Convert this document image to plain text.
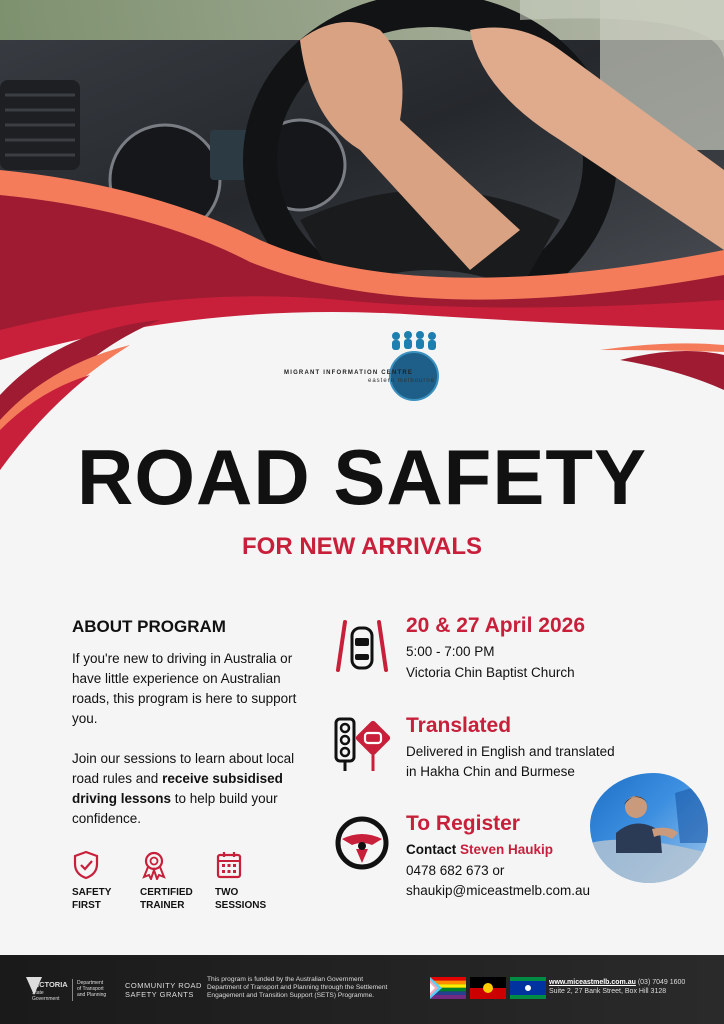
MIGRANT INFORMATION CENTRE
eastern melbourne
ROAD SAFETY
FOR NEW ARRIVALS
ABOUT PROGRAM

If you're new to driving in Australia or have little experience on Australian roads, this program is here to support you.

Join our sessions to learn about local road rules and receive subsidised driving lessons to help build your confidence.

SAFETY
FIRST
CERTIFIED
TRAINER
TWO
SESSIONS
20 & 27 April 2026

5:00 - 7:00 PM

Victoria Chin Baptist Church

Translated

Delivered in English and translated

in Hakha Chin and Burmese

To Register

Contact Steven Haukip

0478 682 673 or

shaukip@miceastmelb.com.au

VICTORIA
State
Government
Department
of Transport
and Planning
COMMUNITY ROAD
SAFETY GRANTS
This program is funded by the Australian Government
Department of Transport and Planning through the Settlement
Engagement and Transition Support (SETS) Programme.
www.miceastmelb.com.au (03) 7049 1600
Suite 2, 27 Bank Street, Box Hill 3128
